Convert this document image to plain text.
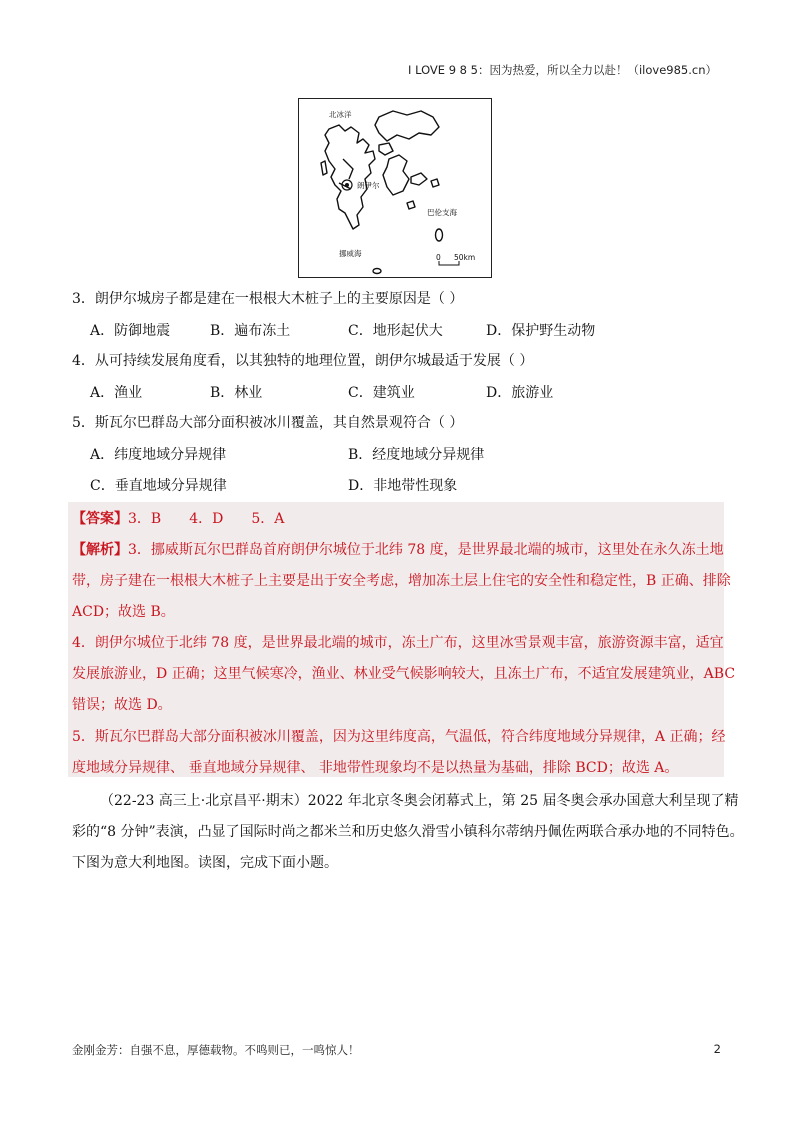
I LOVE 9 8 5：因为热爱，所以全力以赴！（ilove985.cn）
北冰洋
朗伊尔
巴伦支海
挪威海	0 50km
3．朗伊尔城房子都是建在一根根大木桩子上的主要原因是（ ）
A．防御地震	B．遍布冻土	C．地形起伏大	D．保护野生动物
4．从可持续发展角度看，以其独特的地理位置，朗伊尔城最适于发展（ ）
A．渔业	B．林业	C．建筑业	D．旅游业
5．斯瓦尔巴群岛大部分面积被冰川覆盖，其自然景观符合（ ）
A．纬度地域分异规律	B．经度地域分异规律
C．垂直地域分异规律	D．非地带性现象
【答案】3．B　　4．D　　5．A
【解析】3．挪威斯瓦尔巴群岛首府朗伊尔城位于北纬 78 度，是世界最北端的城市，这里处在永久冻土地
带，房子建在一根根大木桩子上主要是出于安全考虑，增加冻土层上住宅的安全性和稳定性，B 正确、排除
ACD；故选 B。
4．朗伊尔城位于北纬 78 度，是世界最北端的城市，冻土广布，这里冰雪景观丰富，旅游资源丰富，适宜
发展旅游业，D 正确；这里气候寒冷，渔业、林业受气候影响较大，且冻土广布，不适宜发展建筑业，ABC
错误；故选 D。
5．斯瓦尔巴群岛大部分面积被冰川覆盖，因为这里纬度高，气温低，符合纬度地域分异规律，A 正确；经
度地域分异规律、 垂直地域分异规律、 非地带性现象均不是以热量为基础，排除 BCD；故选 A。
（22-23 高三上·北京昌平·期末）2022 年北京冬奥会闭幕式上，第 25 届冬奥会承办国意大利呈现了精
彩的“8 分钟”表演，凸显了国际时尚之都米兰和历史悠久滑雪小镇科尔蒂纳丹佩佐两联合承办地的不同特色。
下图为意大利地图。读图，完成下面小题。
金刚金芳：自强不息，厚德载物。不鸣则已，一鸣惊人！	2
